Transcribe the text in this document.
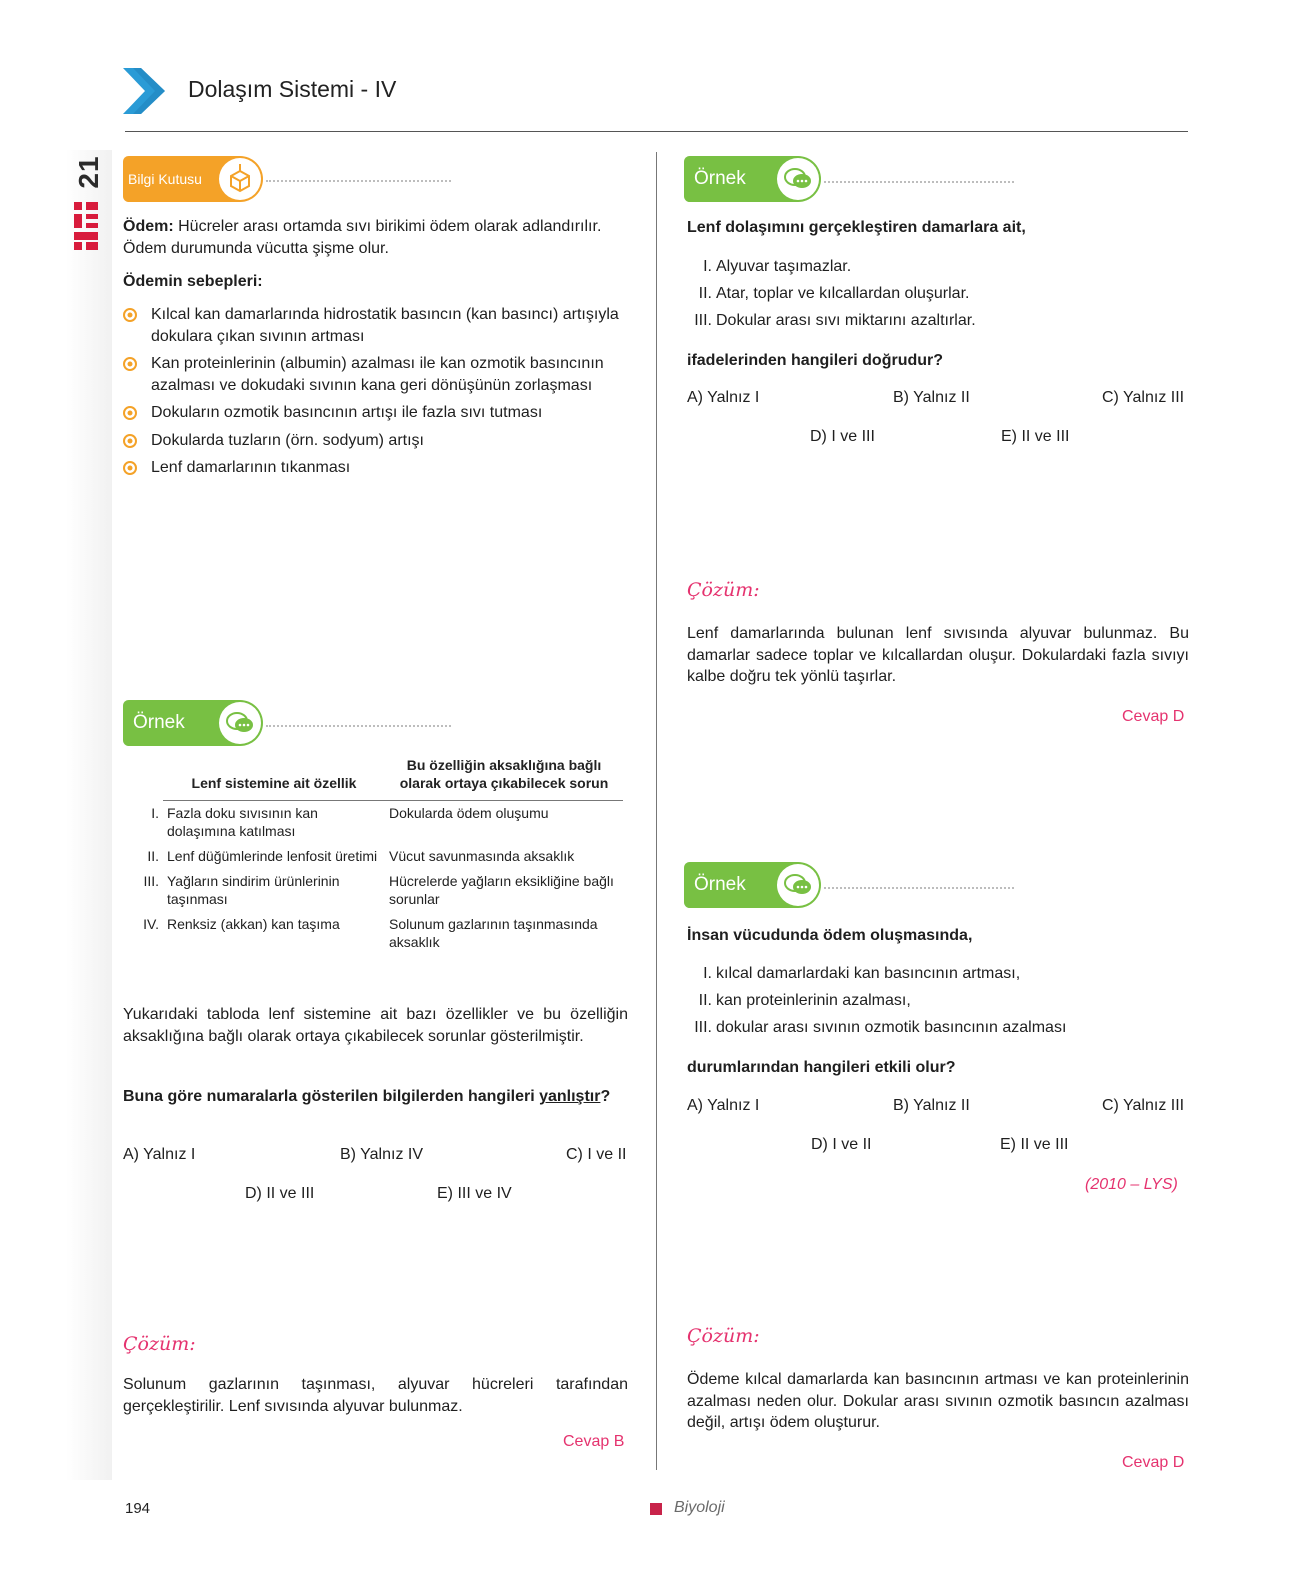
Dolaşım Sistemi - IV
21 Bilgi Kutusu
Ödem: Hücreler arası ortamda sıvı birikimi ödem olarak adlandırılır. Ödem durumunda vücutta şişme olur.
Ödemin sebepleri:
Kılcal kan damarlarında hidrostatik basıncın (kan basıncı) artışıyla dokulara çıkan sıvının artması
Kan proteinlerinin (albumin) azalması ile kan ozmotik basıncının azalması ve dokudaki sıvının kana geri dönüşünün zorlaşması
Dokuların ozmotik basıncının artışı ile fazla sıvı tutması
Dokularda tuzların (örn. sodyum) artışı
Lenf damarlarının tıkanması
Örnek
	Lenf sistemine ait özellik	Bu özelliğin aksaklığına bağlı olarak ortaya çıkabilecek sorun
I.	Fazla doku sıvısının kan dolaşımına katılması	Dokularda ödem oluşumu
II.	Lenf düğümlerinde lenfosit üretimi	Vücut savunmasında aksaklık
III.	Yağların sindirim ürünlerinin taşınması	Hücrelerde yağların eksikliğine bağlı sorunlar
IV.	Renksiz (akkan) kan taşıma	Solunum gazlarının taşınmasında aksaklık
Yukarıdaki tabloda lenf sistemine ait bazı özellikler ve bu özelliğin aksaklığına bağlı olarak ortaya çıkabilecek sorunlar gösterilmiştir.
Buna göre numaralarla gösterilen bilgilerden hangileri yanlıştır?
A) Yalnız I	B) Yalnız IV	C) I ve II
D) II ve III	E) III ve IV
Çözüm:
Solunum gazlarının taşınması, alyuvar hücreleri tarafından gerçekleştirilir. Lenf sıvısında alyuvar bulunmaz.
Cevap B
Örnek
Lenf dolaşımını gerçekleştiren damarlara ait,
I. Alyuvar taşımazlar.
II. Atar, toplar ve kılcallardan oluşurlar.
III. Dokular arası sıvı miktarını azaltırlar.
ifadelerinden hangileri doğrudur?
A) Yalnız I	B) Yalnız II	C) Yalnız III
D) I ve III	E) II ve III
Çözüm:
Lenf damarlarında bulunan lenf sıvısında alyuvar bulunmaz. Bu damarlar sadece toplar ve kılcallardan oluşur. Dokulardaki fazla sıvıyı kalbe doğru tek yönlü taşırlar.
Cevap D
Örnek
İnsan vücudunda ödem oluşmasında,
I. kılcal damarlardaki kan basıncının artması,
II. kan proteinlerinin azalması,
III. dokular arası sıvının ozmotik basıncının azalması
durumlarından hangileri etkili olur?
A) Yalnız I	B) Yalnız II	C) Yalnız III
D) I ve II	E) II ve III
(2010 – LYS)
Çözüm:
Ödeme kılcal damarlarda kan basıncının artması ve kan proteinlerinin azalması neden olur. Dokular arası sıvının ozmotik basıncın azalması değil, artışı ödem oluşturur.
Cevap D
194	Biyoloji
